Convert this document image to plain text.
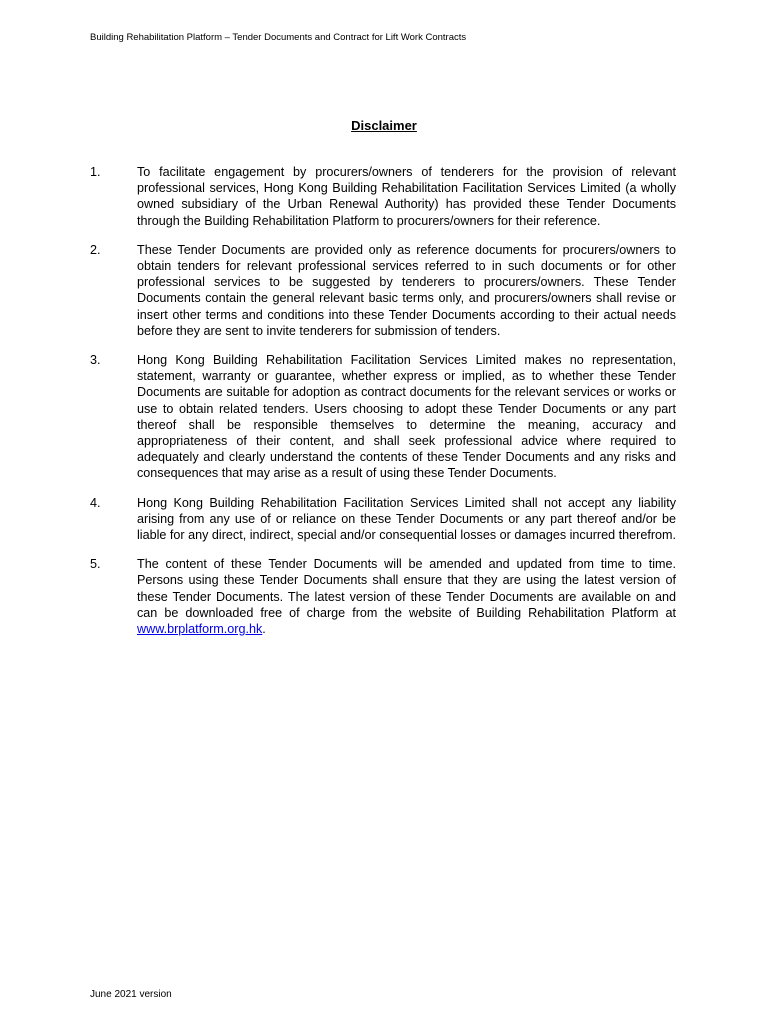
Building Rehabilitation Platform – Tender Documents and Contract for Lift Work Contracts
Disclaimer
1.	To facilitate engagement by procurers/owners of tenderers for the provision of relevant professional services, Hong Kong Building Rehabilitation Facilitation Services Limited (a wholly owned subsidiary of the Urban Renewal Authority) has provided these Tender Documents through the Building Rehabilitation Platform to procurers/owners for their reference.
2.	These Tender Documents are provided only as reference documents for procurers/owners to obtain tenders for relevant professional services referred to in such documents or for other professional services to be suggested by tenderers to procurers/owners. These Tender Documents contain the general relevant basic terms only, and procurers/owners shall revise or insert other terms and conditions into these Tender Documents according to their actual needs before they are sent to invite tenderers for submission of tenders.
3.	Hong Kong Building Rehabilitation Facilitation Services Limited makes no representation, statement, warranty or guarantee, whether express or implied, as to whether these Tender Documents are suitable for adoption as contract documents for the relevant services or works or use to obtain related tenders. Users choosing to adopt these Tender Documents or any part thereof shall be responsible themselves to determine the meaning, accuracy and appropriateness of their content, and shall seek professional advice where required to adequately and clearly understand the contents of these Tender Documents and any risks and consequences that may arise as a result of using these Tender Documents.
4.	Hong Kong Building Rehabilitation Facilitation Services Limited shall not accept any liability arising from any use of or reliance on these Tender Documents or any part thereof and/or be liable for any direct, indirect, special and/or consequential losses or damages incurred therefrom.
5.	The content of these Tender Documents will be amended and updated from time to time. Persons using these Tender Documents shall ensure that they are using the latest version of these Tender Documents. The latest version of these Tender Documents are available on and can be downloaded free of charge from the website of Building Rehabilitation Platform at www.brplatform.org.hk.
June 2021 version
